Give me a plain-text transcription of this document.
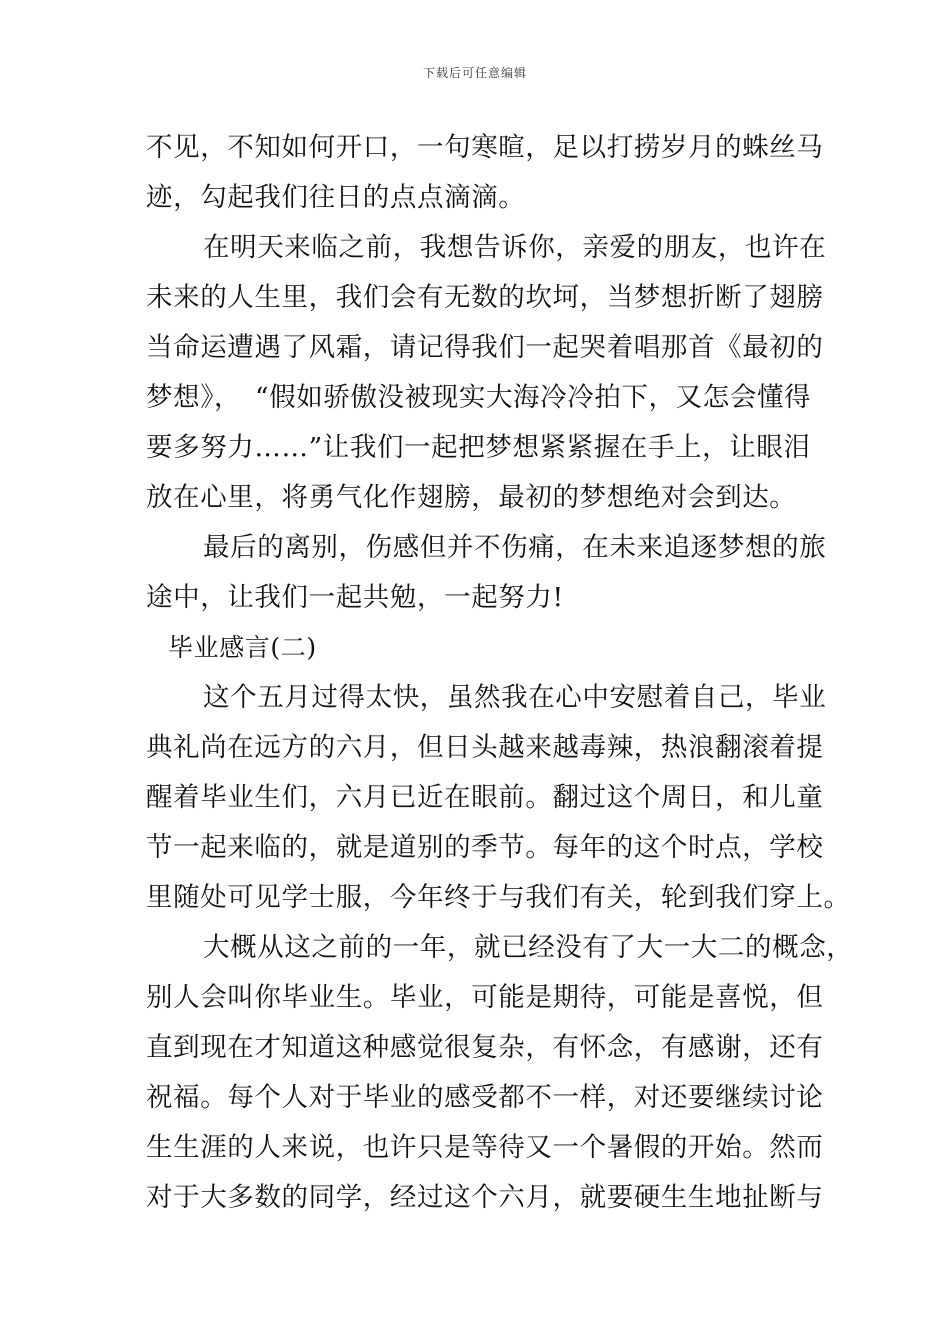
下载后可任意编辑
不见，不知如何开口，一句寒暄，足以打捞岁月的蛛丝马
迹，勾起我们往日的点点滴滴。
在明天来临之前，我想告诉你，亲爱的朋友，也许在
未来的人生里，我们会有无数的坎坷，当梦想折断了翅膀
当命运遭遇了风霜，请记得我们一起哭着唱那首《最初的
梦想》，　“假如骄傲没被现实大海冷冷拍下，又怎会懂得
要多努力……”让我们一起把梦想紧紧握在手上，让眼泪
放在心里，将勇气化作翅膀，最初的梦想绝对会到达。
最后的离别，伤感但并不伤痛，在未来追逐梦想的旅
途中，让我们一起共勉，一起努力!
毕业感言(二)
这个五月过得太快，虽然我在心中安慰着自己，毕业
典礼尚在远方的六月，但日头越来越毒辣，热浪翻滚着提
醒着毕业生们，六月已近在眼前。翻过这个周日，和儿童
节一起来临的，就是道别的季节。每年的这个时点，学校
里随处可见学士服，今年终于与我们有关，轮到我们穿上。
大概从这之前的一年，就已经没有了大一大二的概念，
别人会叫你毕业生。毕业，可能是期待，可能是喜悦，但
直到现在才知道这种感觉很复杂，有怀念，有感谢，还有
祝福。每个人对于毕业的感受都不一样，对还要继续讨论
生生涯的人来说，也许只是等待又一个暑假的开始。然而
对于大多数的同学，经过这个六月，就要硬生生地扯断与
